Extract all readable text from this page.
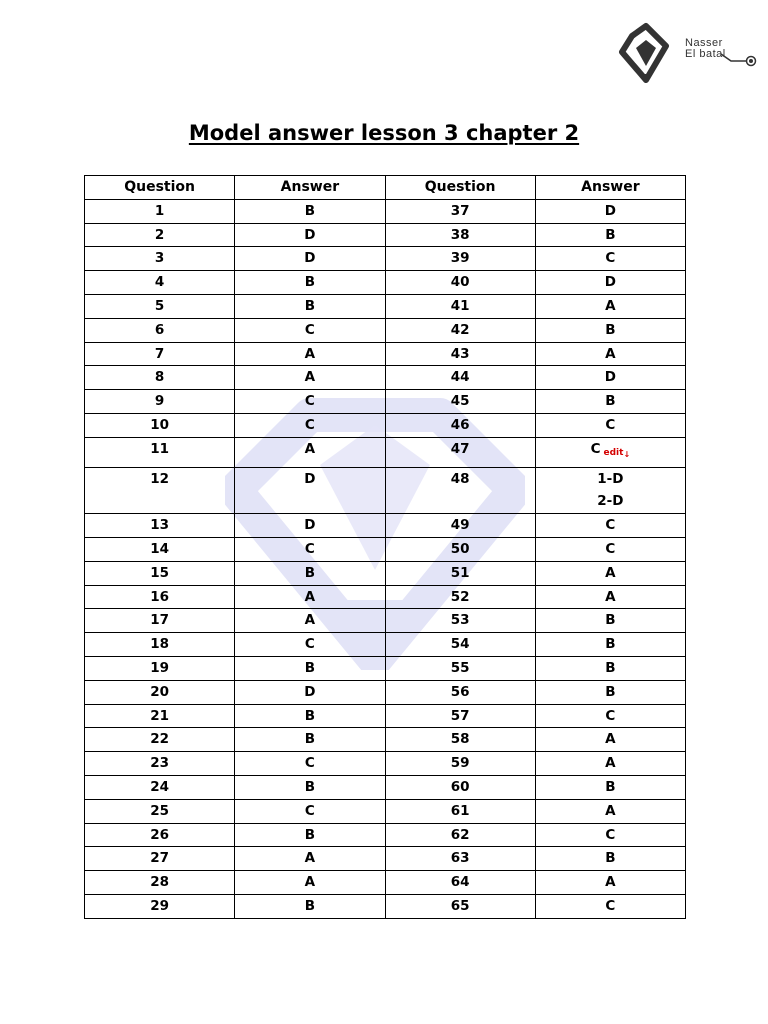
Nasser
El batal
Model answer lesson 3 chapter 2
Question	Answer	Question	Answer
1	B	37	D
2	D	38	B
3	D	39	C
4	B	40	D
5	B	41	A
6	C	42	B
7	A	43	A
8	A	44	D
9	C	45	B
10	C	46	C
11	A	47	C edit$_↓$
12	D	48	1-D
2-D

13	D	49	C
14	C	50	C
15	B	51	A
16	A	52	A
17	A	53	B
18	C	54	B
19	B	55	B
20	D	56	B
21	B	57	C
22	B	58	A
23	C	59	A
24	B	60	B
25	C	61	A
26	B	62	C
27	A	63	B
28	A	64	A
29	B	65	C
